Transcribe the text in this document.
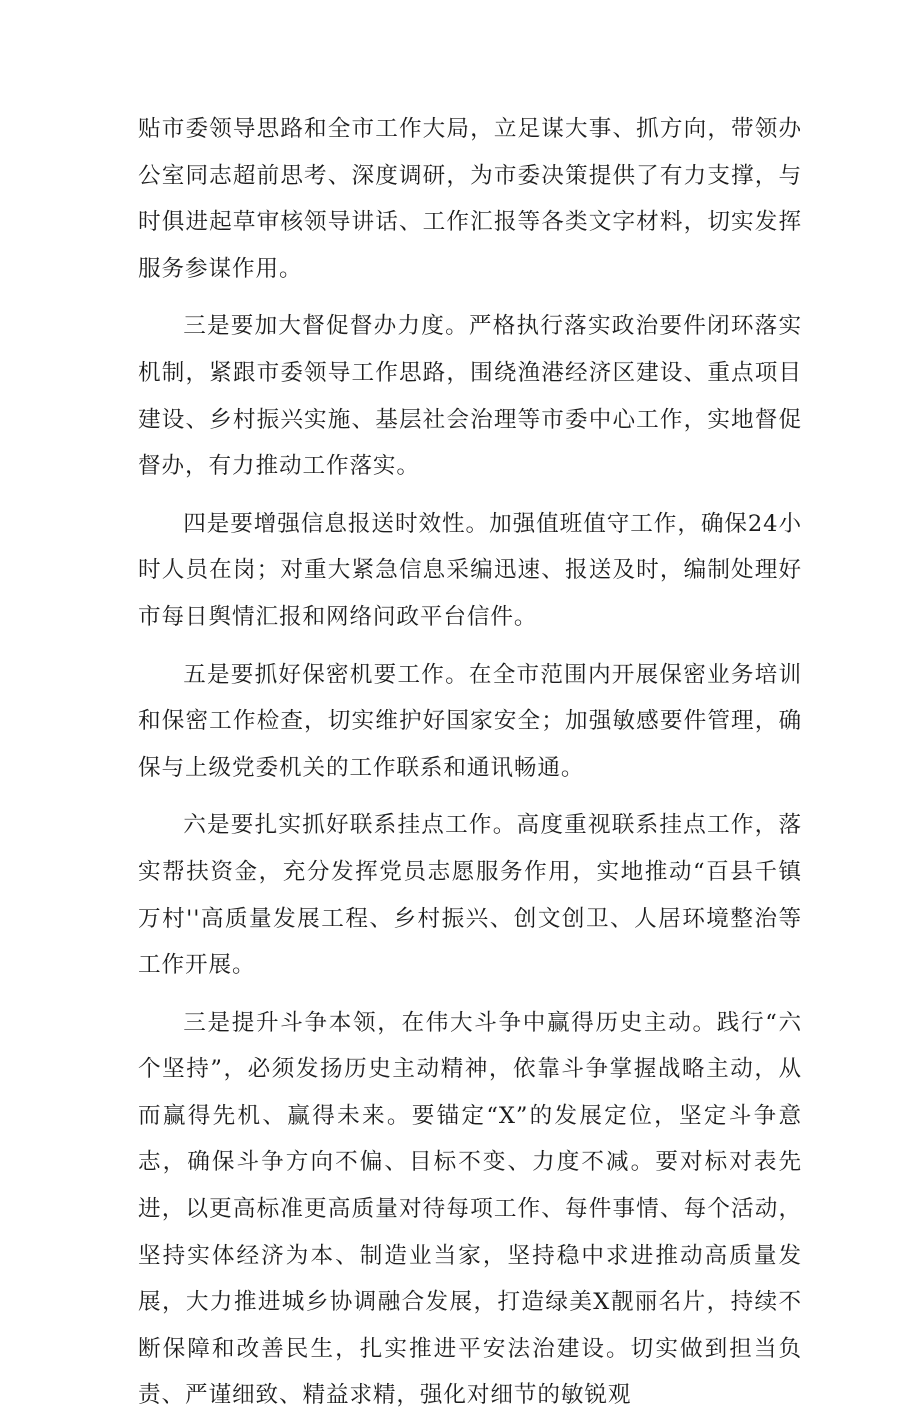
贴市委领导思路和全市工作大局，立足谋大事、抓方向，带领办公室同志超前思考、深度调研，为市委决策提供了有力支撑，与时俱进起草审核领导讲话、工作汇报等各类文字材料，切实发挥服务参谋作用。

三是要加大督促督办力度。严格执行落实政治要件闭环落实机制，紧跟市委领导工作思路，围绕渔港经济区建设、重点项目建设、乡村振兴实施、基层社会治理等市委中心工作，实地督促督办，有力推动工作落实。

四是要增强信息报送时效性。加强值班值守工作，确保24小时人员在岗；对重大紧急信息采编迅速、报送及时，编制处理好市每日舆情汇报和网络问政平台信件。

五是要抓好保密机要工作。在全市范围内开展保密业务培训和保密工作检查，切实维护好国家安全；加强敏感要件管理，确保与上级党委机关的工作联系和通讯畅通。

六是要扎实抓好联系挂点工作。高度重视联系挂点工作，落实帮扶资金，充分发挥党员志愿服务作用，实地推动“百县千镇万村''高质量发展工程、乡村振兴、创文创卫、人居环境整治等工作开展。

三是提升斗争本领，在伟大斗争中赢得历史主动。践行“六个坚持”，必须发扬历史主动精神，依靠斗争掌握战略主动，从而赢得先机、赢得未来。要锚定“X”的发展定位，坚定斗争意志，确保斗争方向不偏、目标不变、力度不减。要对标对表先进，以更高标准更高质量对待每项工作、每件事情、每个活动，坚持实体经济为本、制造业当家，坚持稳中求进推动高质量发展，大力推进城乡协调融合发展，打造绿美X靓丽名片，持续不断保障和改善民生，扎实推进平安法治建设。切实做到担当负责、严谨细致、精益求精，强化对细节的敏锐观
